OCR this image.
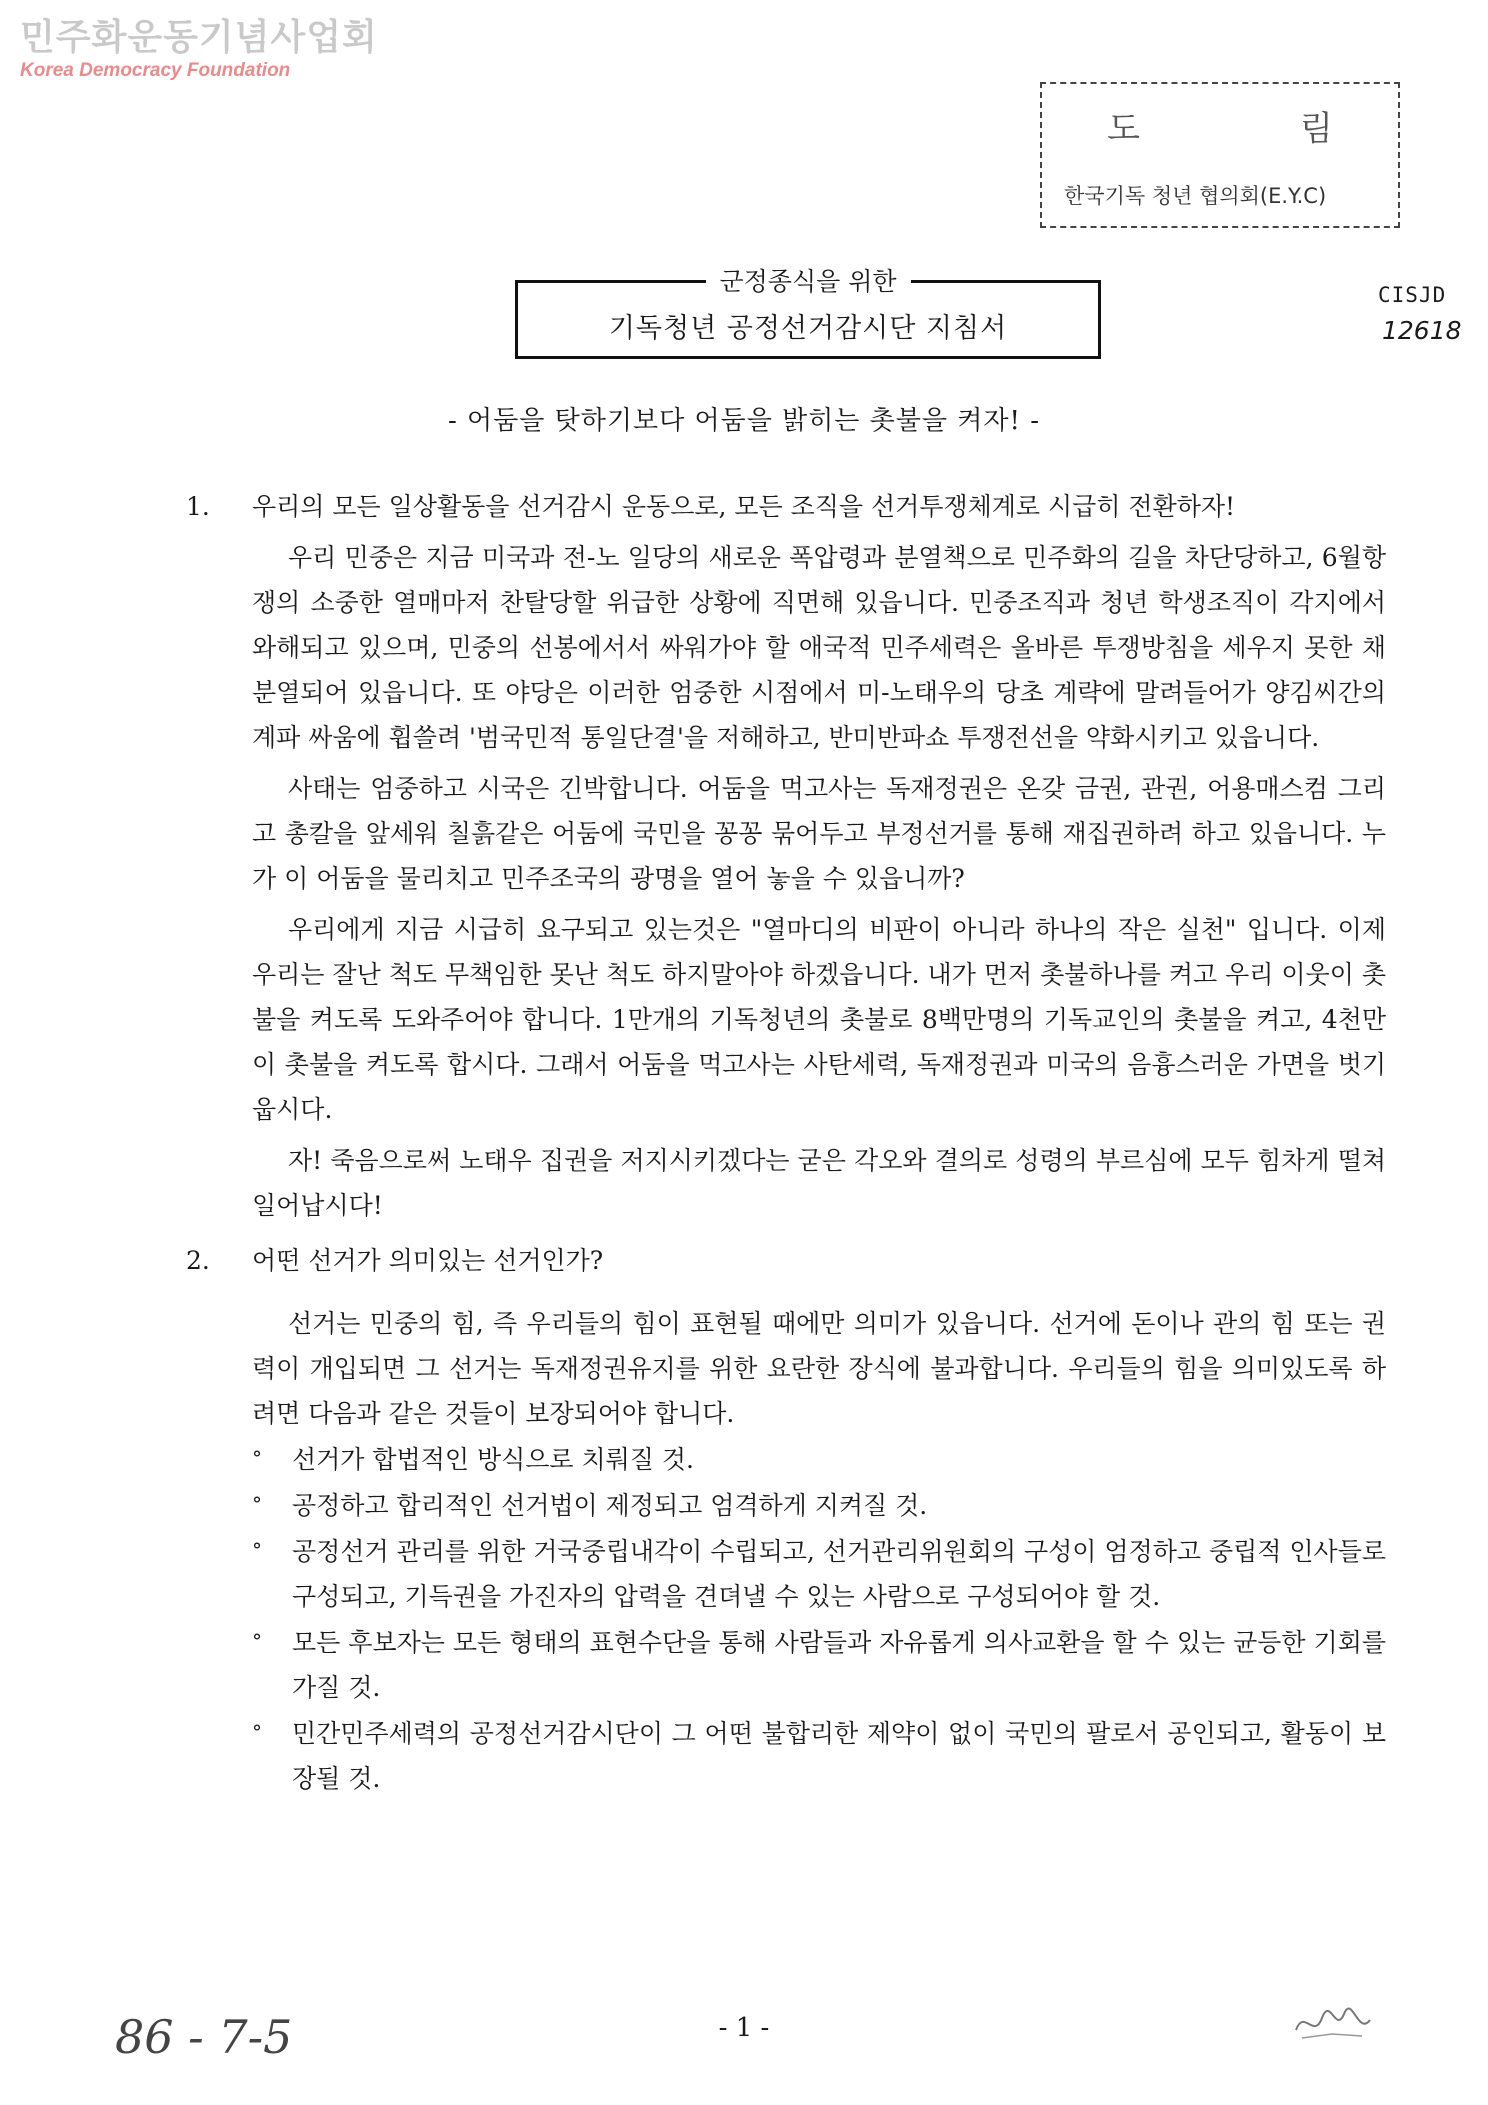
민주화운동기념사업회
Korea Democracy Foundation
도	림
한국기독 청년 협의회(E.Y.C)
군정종식을 위한
기독청년 공정선거감시단 지침서
CISJD
12618
- 어둠을 탓하기보다 어둠을 밝히는 촛불을 켜자! -
1.	우리의 모든 일상활동을 선거감시 운동으로, 모든 조직을 선거투쟁체계로 시급히 전환하자!

우리 민중은 지금 미국과 전-노 일당의 새로운 폭압령과 분열책으로 민주화의 길을 차단당하고, 6월항쟁의 소중한 열매마저 찬탈당할 위급한 상황에 직면해 있읍니다. 민중조직과 청년 학생조직이 각지에서 와해되고 있으며, 민중의 선봉에서서 싸워가야 할 애국적 민주세력은 올바른 투쟁방침을 세우지 못한 채 분열되어 있읍니다. 또 야당은 이러한 엄중한 시점에서 미-노태우의 당초 계략에 말려들어가 양김씨간의 계파 싸움에 휩쓸려 '범국민적 통일단결'을 저해하고, 반미반파쇼 투쟁전선을 약화시키고 있읍니다.

사태는 엄중하고 시국은 긴박합니다. 어둠을 먹고사는 독재정권은 온갖 금권, 관권, 어용매스컴 그리고 총칼을 앞세워 칠흙같은 어둠에 국민을 꽁꽁 묶어두고 부정선거를 통해 재집권하려 하고 있읍니다. 누가 이 어둠을 물리치고 민주조국의 광명을 열어 놓을 수 있읍니까?

우리에게 지금 시급히 요구되고 있는것은 "열마디의 비판이 아니라 하나의 작은 실천" 입니다. 이제 우리는 잘난 척도 무책임한 못난 척도 하지말아야 하겠읍니다. 내가 먼저 촛불하나를 켜고 우리 이웃이 촛불을 켜도록 도와주어야 합니다. 1만개의 기독청년의 촛불로 8백만명의 기독교인의 촛불을 켜고, 4천만이 촛불을 켜도록 합시다. 그래서 어둠을 먹고사는 사탄세력, 독재정권과 미국의 음흉스러운 가면을 벗기웁시다.

자! 죽음으로써 노태우 집권을 저지시키겠다는 굳은 각오와 결의로 성령의 부르심에 모두 힘차게 떨쳐 일어납시다!

2.	어떤 선거가 의미있는 선거인가?

선거는 민중의 힘, 즉 우리들의 힘이 표현될 때에만 의미가 있읍니다. 선거에 돈이나 관의 힘 또는 권력이 개입되면 그 선거는 독재정권유지를 위한 요란한 장식에 불과합니다. 우리들의 힘을 의미있도록 하려면 다음과 같은 것들이 보장되어야 합니다.

°	선거가 합법적인 방식으로 치뤄질 것.
°	공정하고 합리적인 선거법이 제정되고 엄격하게 지켜질 것.
°	공정선거 관리를 위한 거국중립내각이 수립되고, 선거관리위원회의 구성이 엄정하고 중립적 인사들로 구성되고, 기득권을 가진자의 압력을 견뎌낼 수 있는 사람으로 구성되어야 할 것.
°	모든 후보자는 모든 형태의 표현수단을 통해 사람들과 자유롭게 의사교환을 할 수 있는 균등한 기회를 가질 것.
°	민간민주세력의 공정선거감시단이 그 어떤 불합리한 제약이 없이 국민의 팔로서 공인되고, 활동이 보장될 것.
86 - 7-5	- 1 -
